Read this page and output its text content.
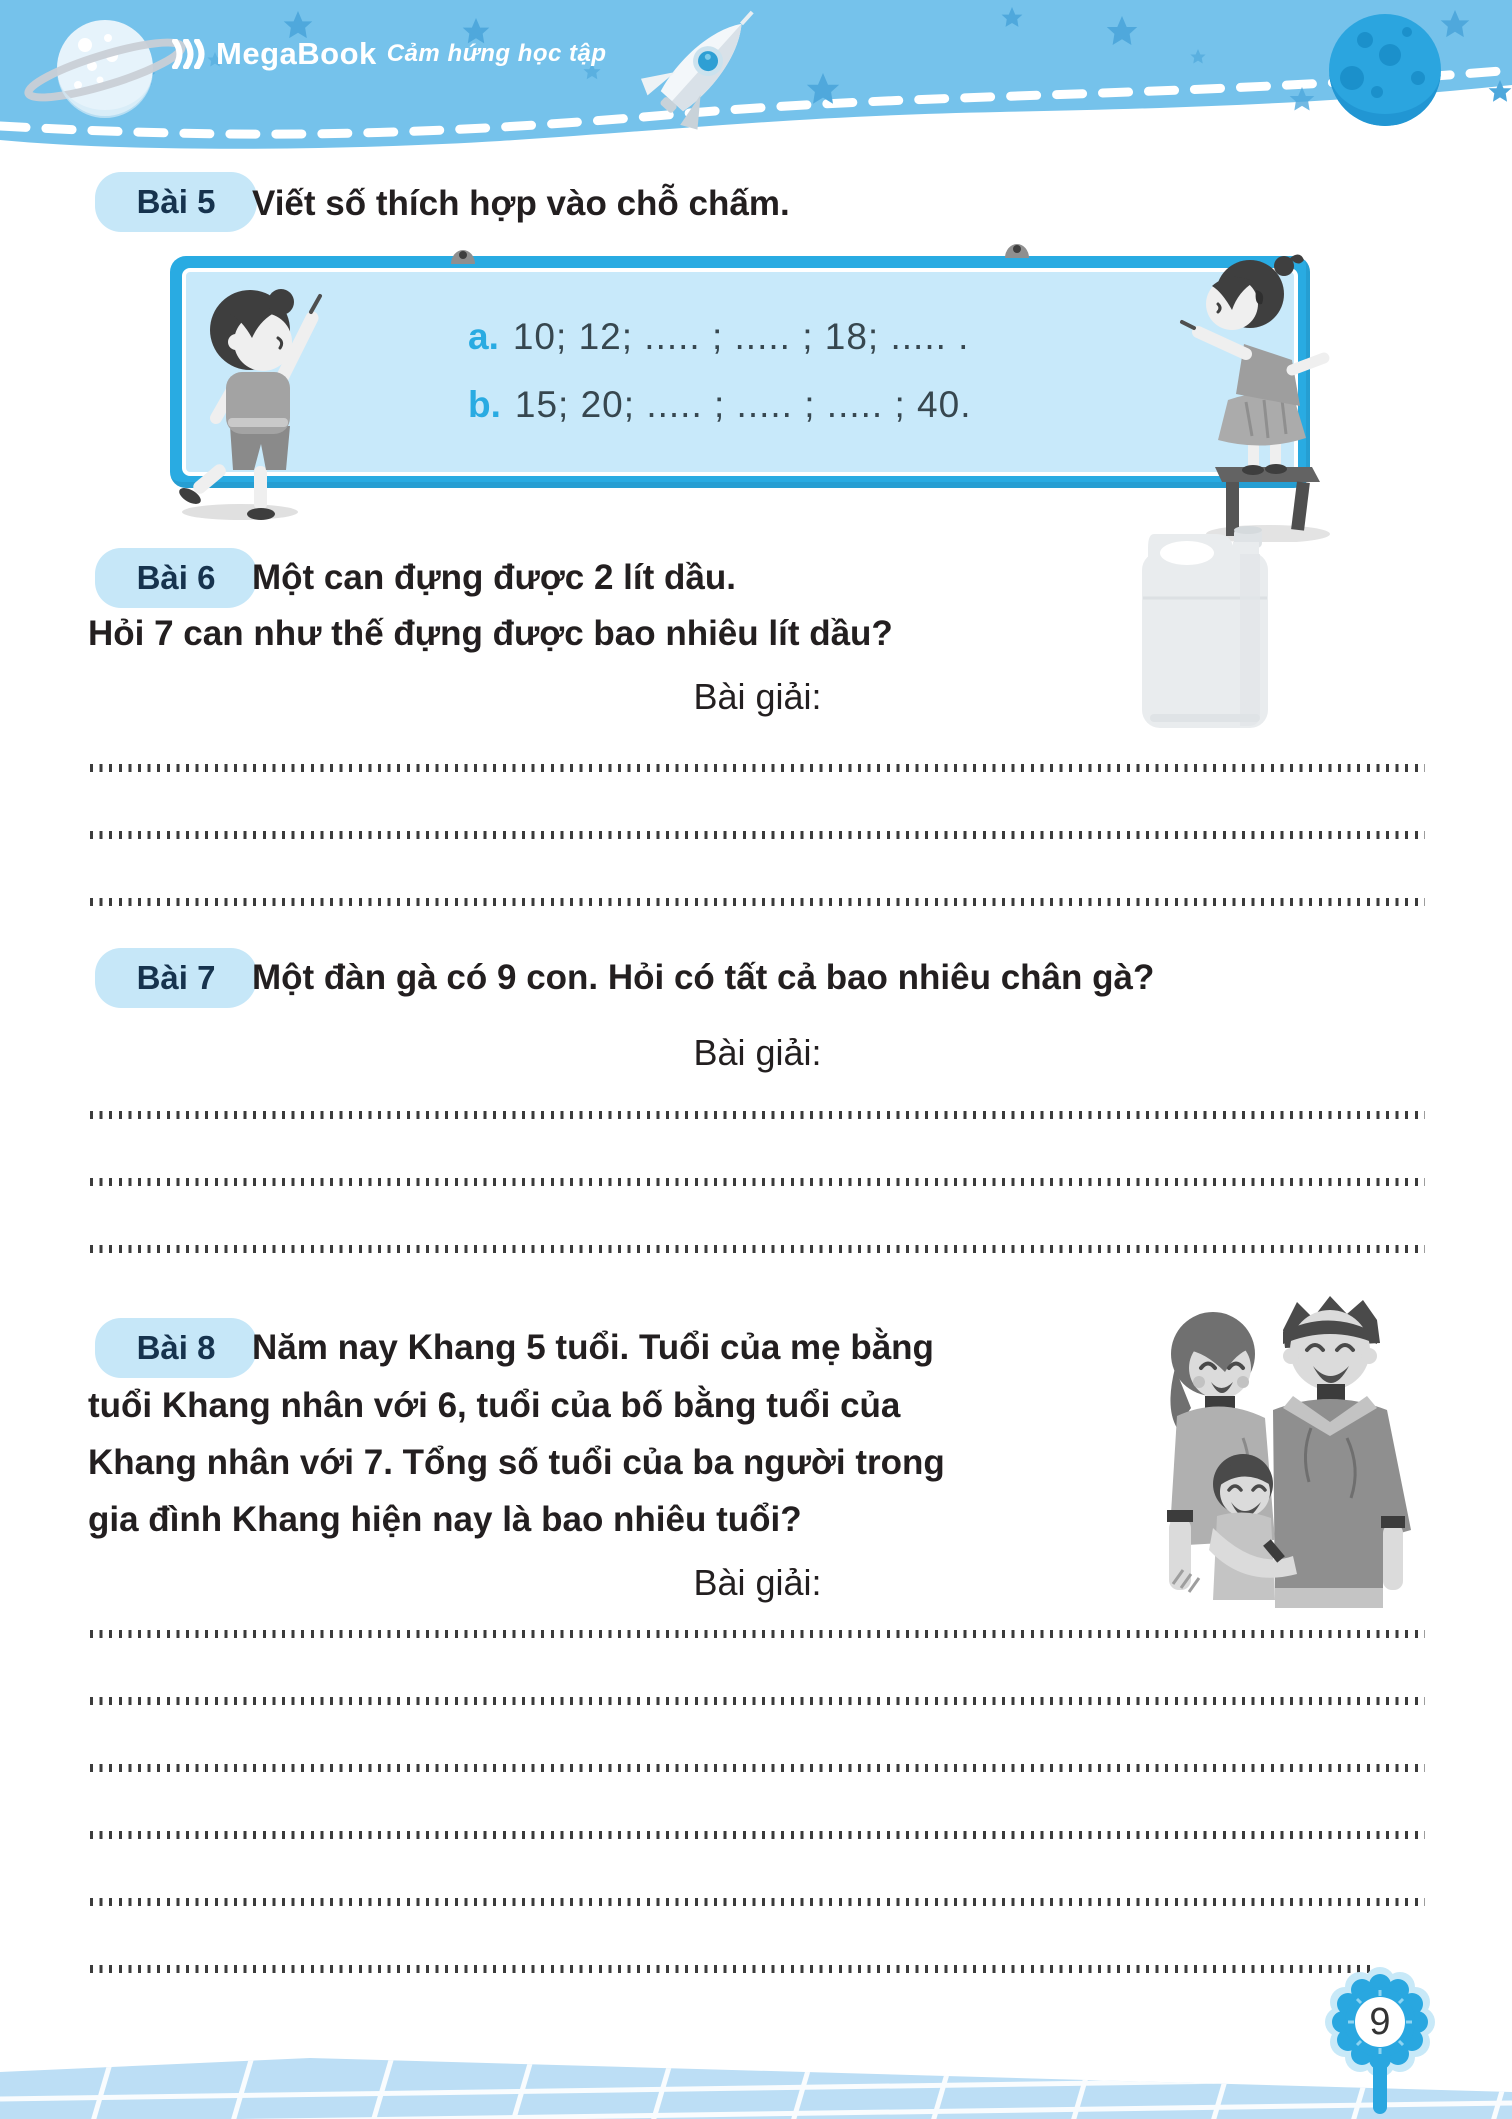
MegaBook Cảm hứng học tập
Bài 5 Viết số thích hợp vào chỗ chấm.
a. 10; 12; ..... ; ..... ; 18; ..... .
b. 15; 20; ..... ; ..... ; ..... ; 40.
Bài 6 Một can đựng được 2 lít dầu.
Hỏi 7 can như thế đựng được bao nhiêu lít dầu?
Bài giải:
Bài 7 Một đàn gà có 9 con. Hỏi có tất cả bao nhiêu chân gà?
Bài giải:
Bài 8 Năm nay Khang 5 tuổi. Tuổi của mẹ bằng
tuổi Khang nhân với 6, tuổi của bố bằng tuổi của
Khang nhân với 7. Tổng số tuổi của ba người trong
gia đình Khang hiện nay là bao nhiêu tuổi?
Bài giải:
9
